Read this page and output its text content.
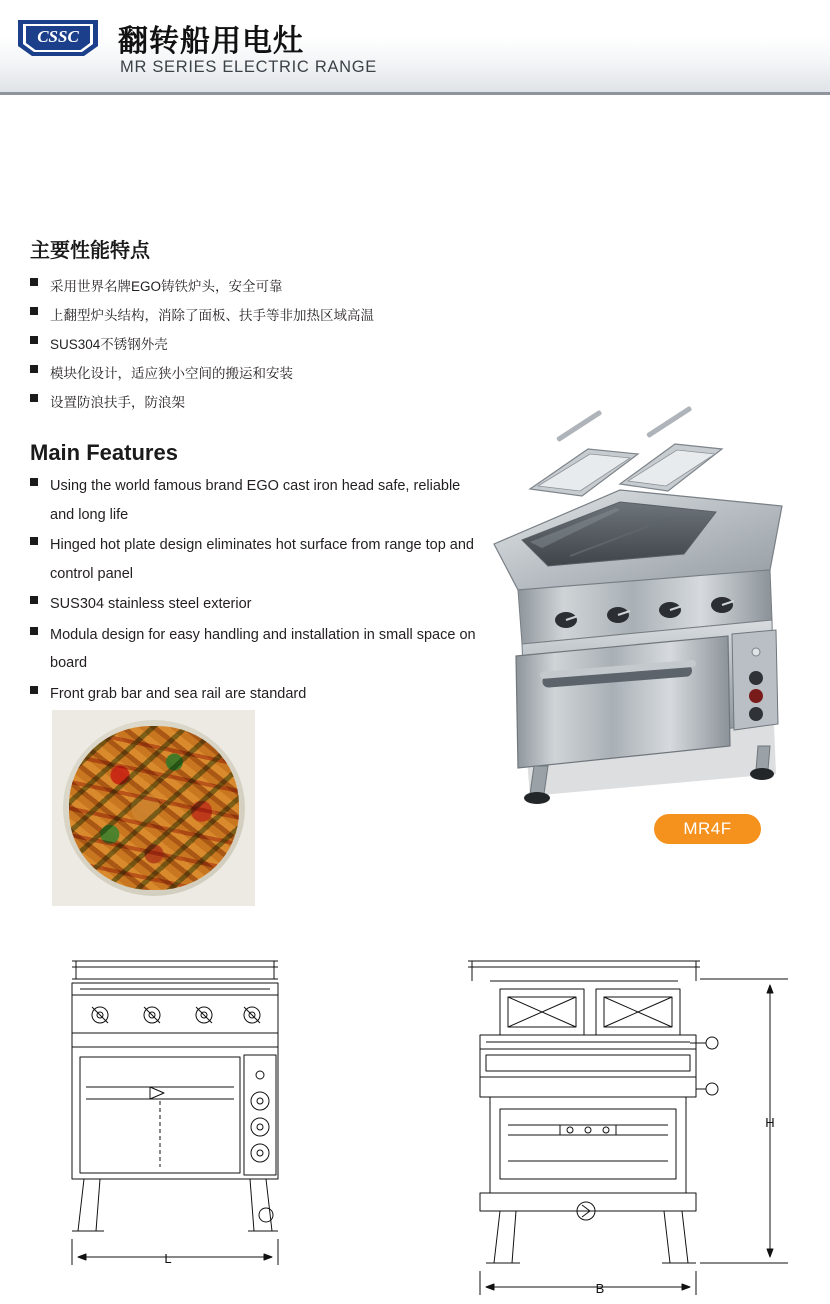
CSSC 翻转船用电灶
MR SERIES ELECTRIC RANGE
主要性能特点
采用世界名牌EGO铸铁炉头，安全可靠
上翻型炉头结构，消除了面板、扶手等非加热区域高温
SUS304不锈钢外壳
模块化设计，适应狭小空间的搬运和安装
设置防浪扶手，防浪架
Main Features
Using the world famous brand EGO cast iron head safe, reliable and long life
Hinged hot plate design eliminates hot surface from range top and control panel
SUS304 stainless steel exterior
Modula design for easy handling and installation in small space on board
Front grab bar and sea rail are standard
MR4F
L
B
H
